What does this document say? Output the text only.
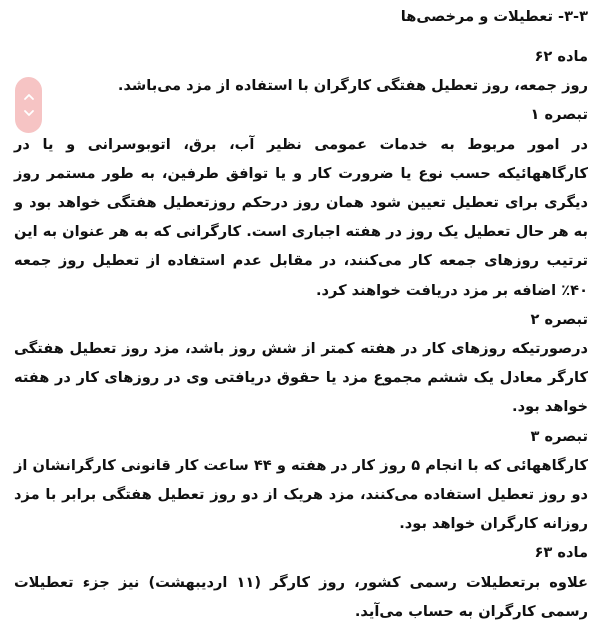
۳-۳- تعطیلات و مرخصی‌ها

ماده ۶۲

روز جمعه، روز تعطیل هفتگی کارگران با استفاده از مزد می‌باشد.

تبصره ۱

در امور مربوط به خدمات عمومی نظیر آب، برق، اتوبوسرانی و یا در کارگاههائیکه حسب نوع یا ضرورت کار و یا توافق طرفین، به طور مستمر روز دیگری برای تعطیل تعیین شود همان روز درحکم روزتعطیل هفتگی خواهد بود و به هر حال تعطیل یک روز در هفته اجباری است. کارگرانی که به هر عنوان به این ترتیب روزهای جمعه کار می‌کنند، در مقابل عدم استفاده از تعطیل روز جمعه ۴۰٪ اضافه بر مزد دریافت خواهند کرد.

تبصره ۲

درصورتیکه روزهای کار در هفته کمتر از شش روز باشد، مزد روز تعطیل هفتگی کارگر معادل یک ششم مجموع مزد یا حقوق دریافتی وی در روزهای کار در هفته خواهد بود.

تبصره ۳

کارگاههائی که با انجام ۵ روز کار در هفته و ۴۴ ساعت کار قانونی کارگرانشان از دو روز تعطیل استفاده می‌کنند، مزد هریک از دو روز تعطیل هفتگی برابر با مزد روزانه کارگران خواهد بود.

ماده ۶۳

علاوه برتعطیلات رسمی کشور، روز کارگر (۱۱ اردیبهشت) نیز جزء تعطیلات رسمی کارگران به حساب می‌آید.
